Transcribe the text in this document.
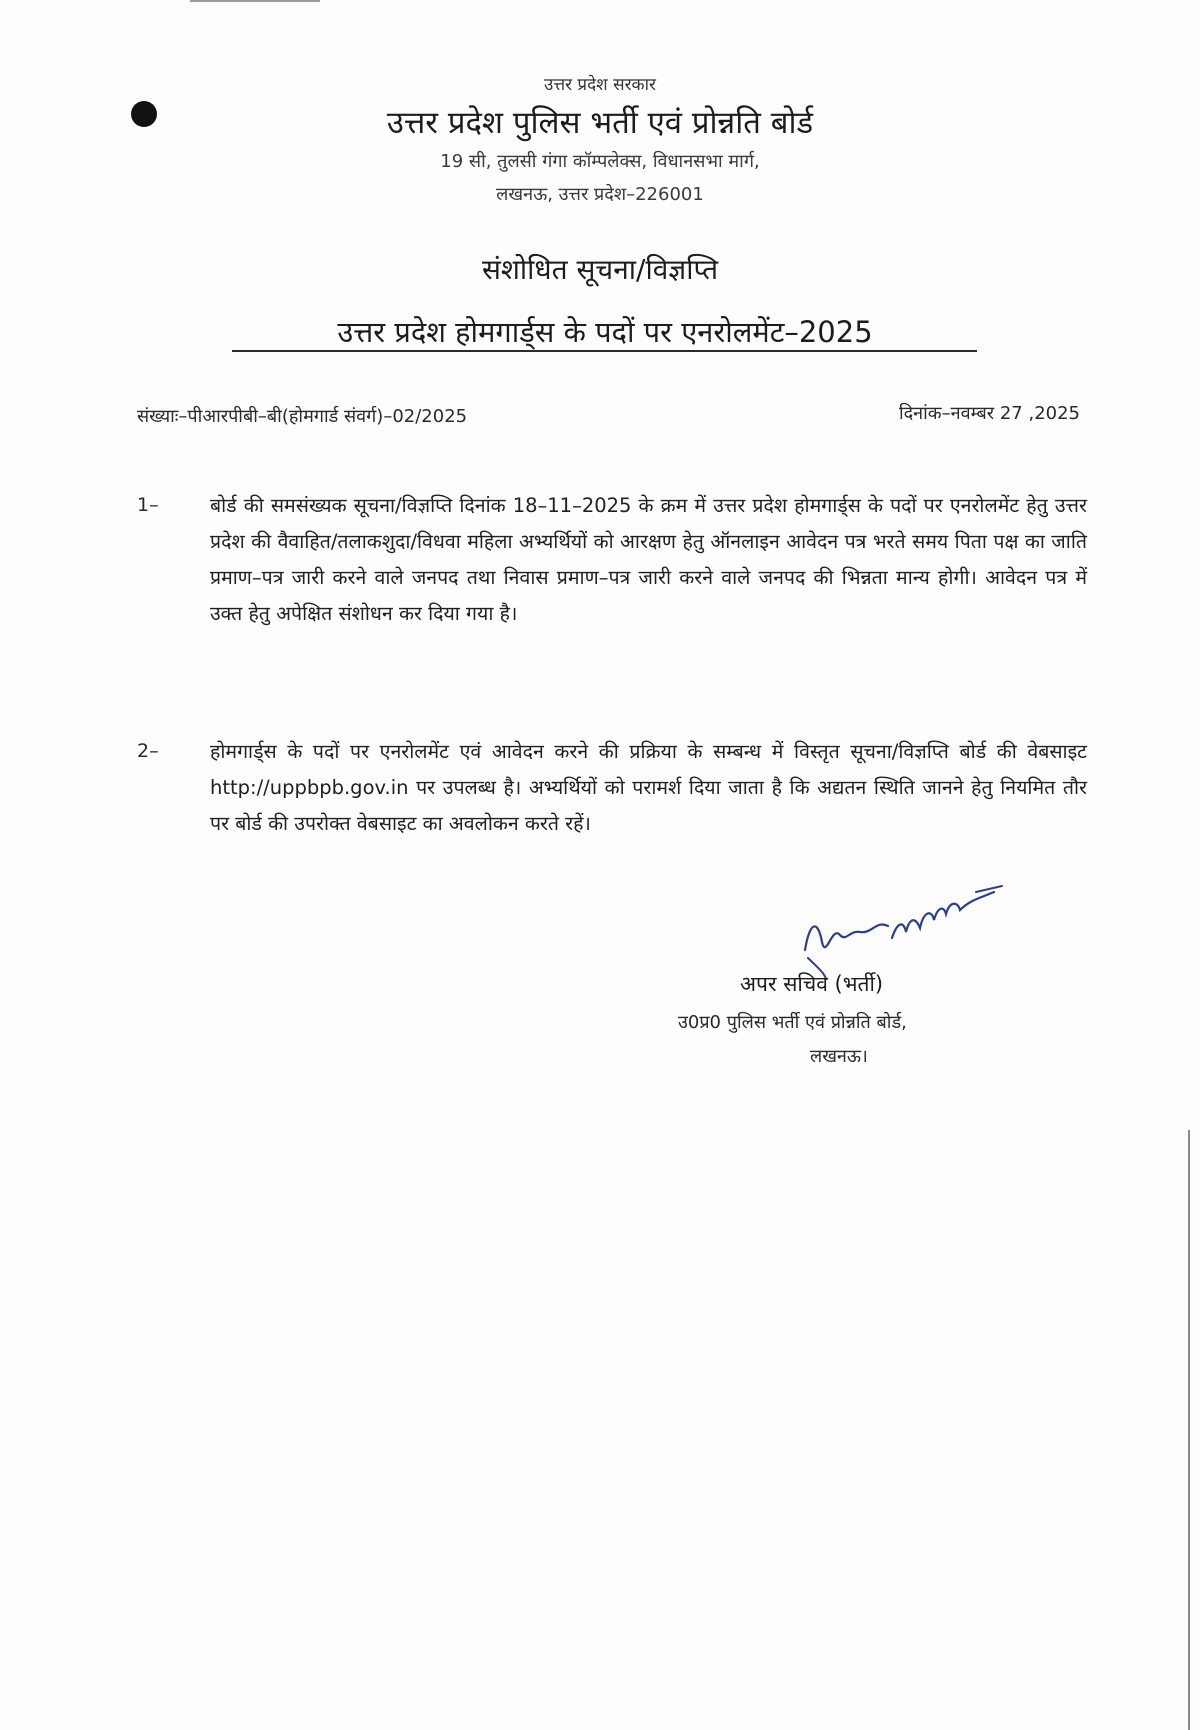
उत्तर प्रदेश सरकार
उत्तर प्रदेश पुलिस भर्ती एवं प्रोन्नति बोर्ड
19 सी, तुलसी गंगा कॉम्पलेक्स, विधानसभा मार्ग,
लखनऊ, उत्तर प्रदेश–226001
संशोधित सूचना/विज्ञप्ति
उत्तर प्रदेश होमगार्ड्स के पदों पर एनरोलमेंट–2025
संख्याः–पीआरपीबी–बी(होमगार्ड संवर्ग)–02/2025	दिनांक–नवम्बर 27 ,2025
1–	बोर्ड की समसंख्यक सूचना/विज्ञप्ति दिनांक 18–11–2025 के क्रम में उत्तर प्रदेश होमगार्ड्स के पदों पर एनरोलमेंट हेतु उत्तर प्रदेश की वैवाहित/तलाकशुदा/विधवा महिला अभ्यर्थियों को आरक्षण हेतु ऑनलाइन आवेदन पत्र भरते समय पिता पक्ष का जाति प्रमाण–पत्र जारी करने वाले जनपद तथा निवास प्रमाण–पत्र जारी करने वाले जनपद की भिन्नता मान्य होगी। आवेदन पत्र में उक्त हेतु अपेक्षित संशोधन कर दिया गया है।
2–	होमगार्ड्स के पदों पर एनरोलमेंट एवं आवेदन करने की प्रक्रिया के सम्बन्ध में विस्तृत सूचना/विज्ञप्ति बोर्ड की वेबसाइट http://uppbpb.gov.in पर उपलब्ध है। अभ्यर्थियों को परामर्श दिया जाता है कि अद्यतन स्थिति जानने हेतु नियमित तौर पर बोर्ड की उपरोक्त वेबसाइट का अवलोकन करते रहें।
अपर सचिव (भर्ती)
उ0प्र0 पुलिस भर्ती एवं प्रोन्नति बोर्ड,
लखनऊ।
